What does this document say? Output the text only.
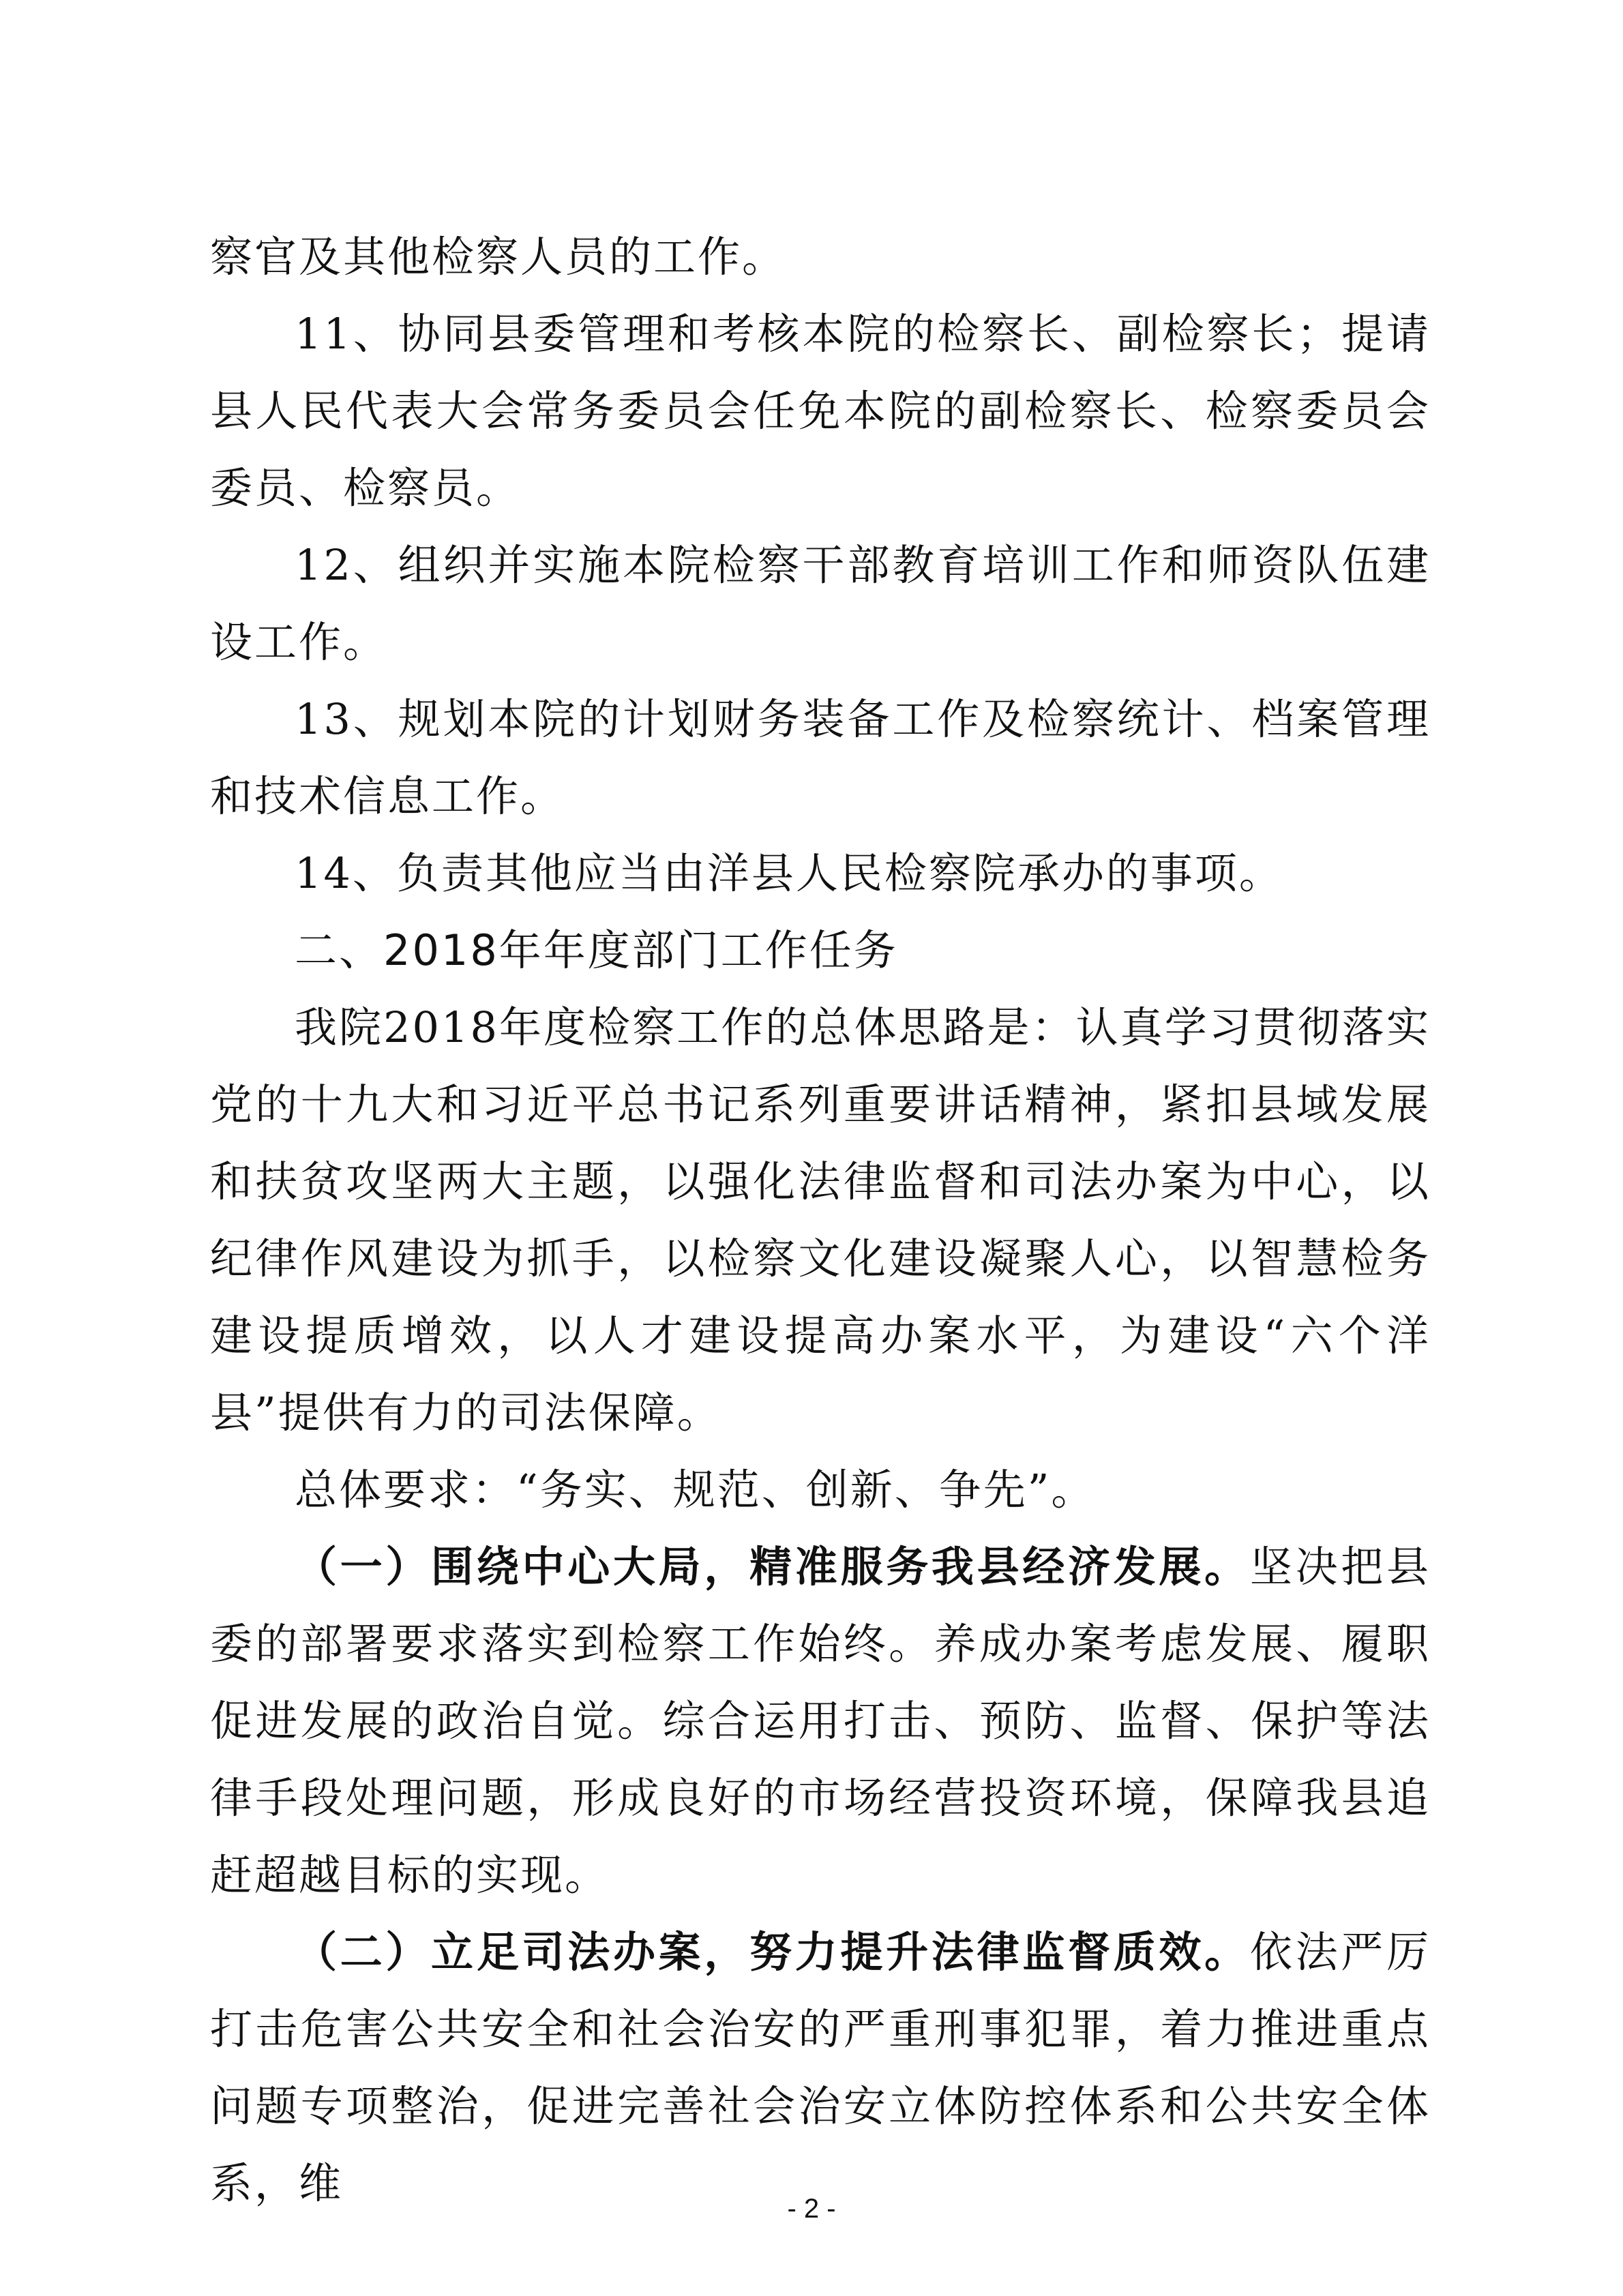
察官及其他检察人员的工作。

11、协同县委管理和考核本院的检察长、副检察长；提请县人民代表大会常务委员会任免本院的副检察长、检察委员会委员、检察员。

12、组织并实施本院检察干部教育培训工作和师资队伍建设工作。

13、规划本院的计划财务装备工作及检察统计、档案管理和技术信息工作。

14、负责其他应当由洋县人民检察院承办的事项。

二、2018年年度部门工作任务

我院2018年度检察工作的总体思路是：认真学习贯彻落实党的十九大和习近平总书记系列重要讲话精神，紧扣县域发展和扶贫攻坚两大主题，以强化法律监督和司法办案为中心，以纪律作风建设为抓手，以检察文化建设凝聚人心，以智慧检务建设提质增效，以人才建设提高办案水平，为建设“六个洋县”提供有力的司法保障。

总体要求：“务实、规范、创新、争先”。

（一）围绕中心大局，精准服务我县经济发展。坚决把县委的部署要求落实到检察工作始终。养成办案考虑发展、履职促进发展的政治自觉。综合运用打击、预防、监督、保护等法律手段处理问题，形成良好的市场经营投资环境，保障我县追赶超越目标的实现。

（二）立足司法办案，努力提升法律监督质效。依法严厉打击危害公共安全和社会治安的严重刑事犯罪，着力推进重点问题专项整治，促进完善社会治安立体防控体系和公共安全体系，维

- 2 -
